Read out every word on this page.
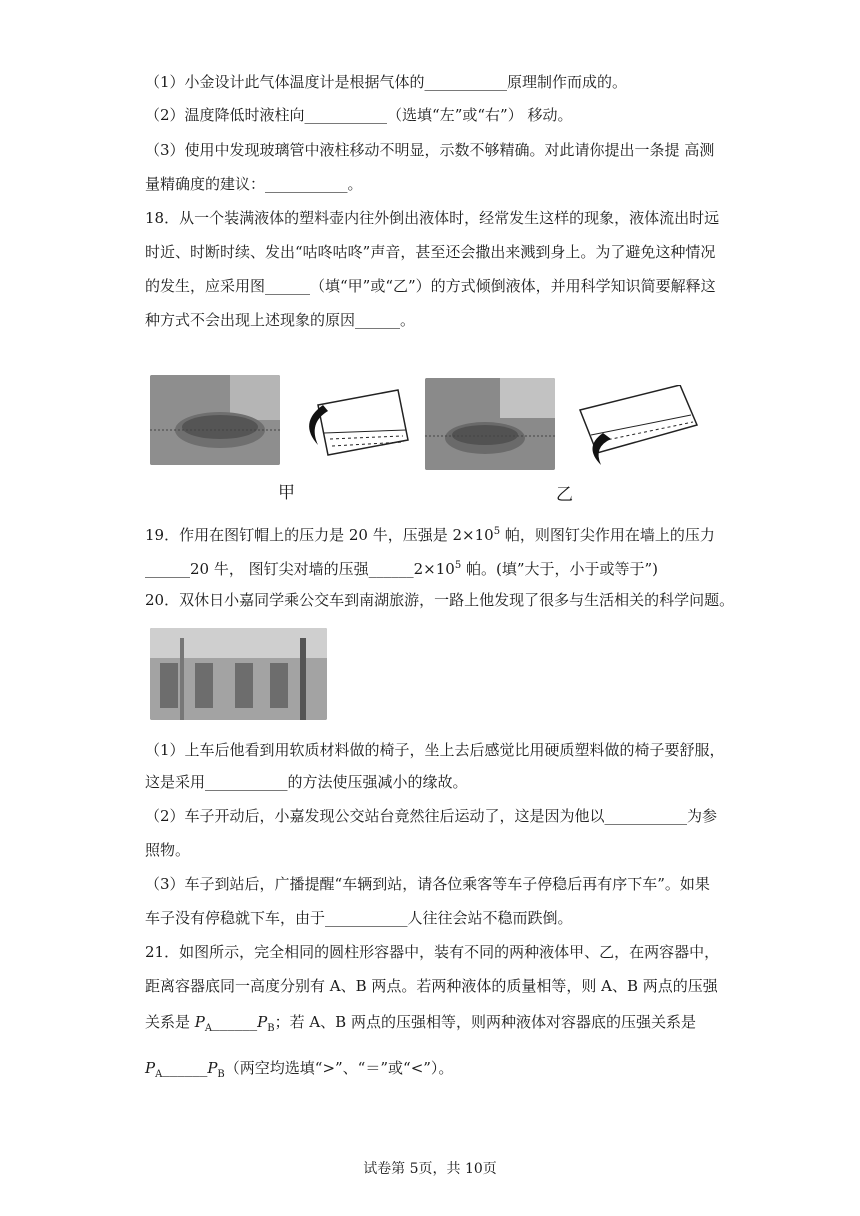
（1）小金设计此气体温度计是根据气体的___________原理制作而成的。
（2）温度降低时液柱向___________（选填“左”或“右”） 移动。
（3）使用中发现玻璃管中液柱移动不明显，示数不够精确。对此请你提出一条提 高测
量精确度的建议：___________。
18．从一个装满液体的塑料壶内往外倒出液体时，经常发生这样的现象，液体流出时远
时近、时断时续、发出“咕咚咕咚”声音，甚至还会撒出来溅到身上。为了避免这种情况
的发生，应采用图______（填“甲”或“乙”）的方式倾倒液体，并用科学知识简要解释这
种方式不会出现上述现象的原因______。
甲	乙
19．作用在图钉帽上的压力是 20 牛，压强是 $2\times 10^5$ 帕，则图钉尖作用在墙上的压力
______20 牛， 图钉尖对墙的压强$\_\_\_\_\_\_2\times 10^5$ 帕。(填”大于，小于或等于”)
20．双休日小嘉同学乘公交车到南湖旅游，一路上他发现了很多与生活相关的科学问题。
（1）上车后他看到用软质材料做的椅子，坐上去后感觉比用硬质塑料做的椅子要舒服，
这是采用___________的方法使压强减小的缘故。
（2）车子开动后，小嘉发现公交站台竟然往后运动了，这是因为他以___________为参
照物。
（3）车子到站后，广播提醒“车辆到站，请各位乘客等车子停稳后再有序下车”。如果
车子没有停稳就下车，由于___________人往往会站不稳而跌倒。
21．如图所示，完全相同的圆柱形容器中，装有不同的两种液体甲、乙，在两容器中，
距离容器底同一高度分别有 A、B 两点。若两种液体的质量相等，则 A、B 两点的压强
关系是 $P_A\_\_\_\_\_\_P_B$；若 A、B 两点的压强相等，则两种液体对容器底的压强关系是
$P_A\_\_\_\_\_\_P_B$（两空均选填“>”、“＝”或“<”）。
试卷第 5页，共 10页
